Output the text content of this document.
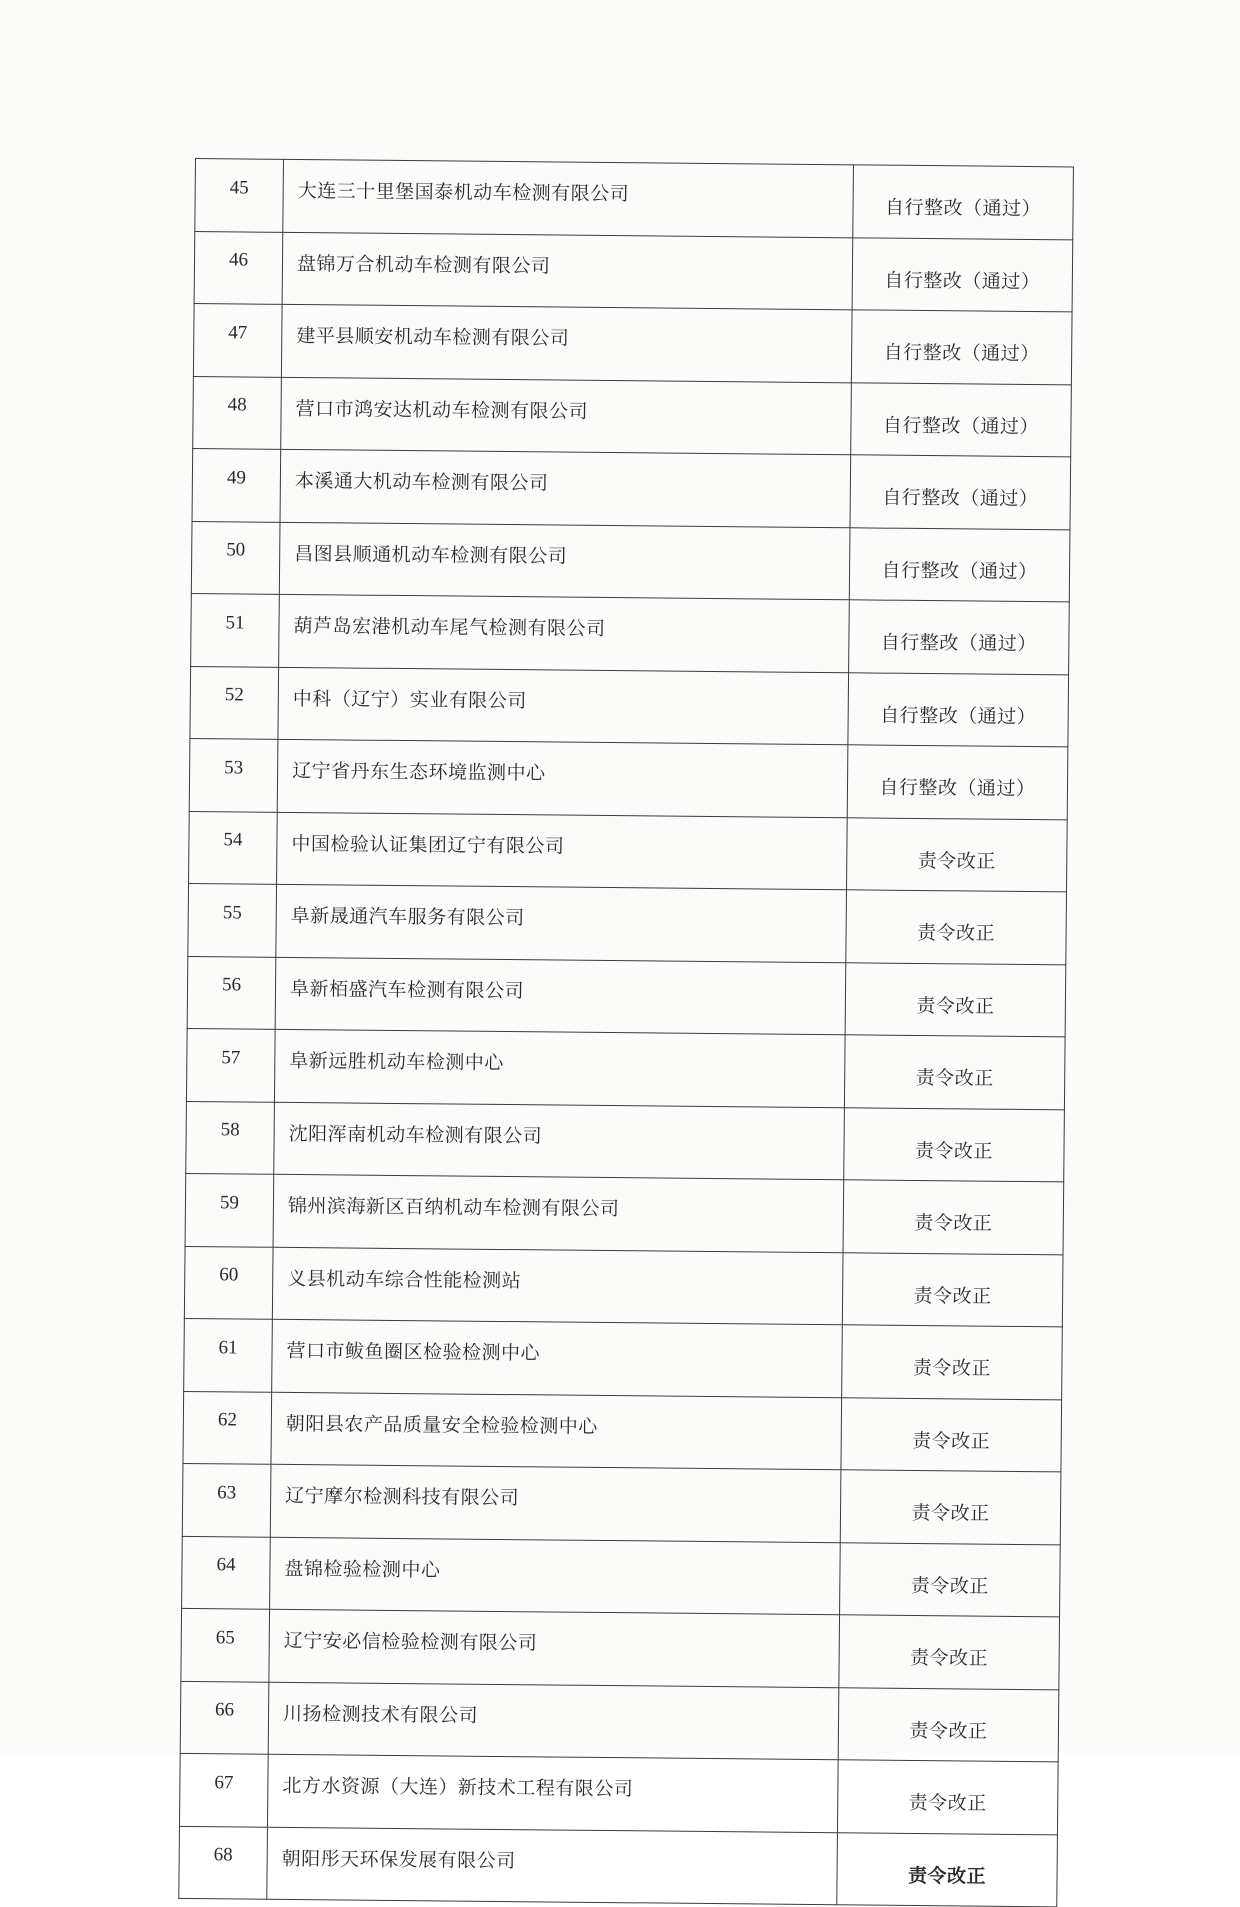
45	大连三十里堡国泰机动车检测有限公司	自行整改（通过）
46	盘锦万合机动车检测有限公司	自行整改（通过）
47	建平县顺安机动车检测有限公司	自行整改（通过）
48	营口市鸿安达机动车检测有限公司	自行整改（通过）
49	本溪通大机动车检测有限公司	自行整改（通过）
50	昌图县顺通机动车检测有限公司	自行整改（通过）
51	葫芦岛宏港机动车尾气检测有限公司	自行整改（通过）
52	中科（辽宁）实业有限公司	自行整改（通过）
53	辽宁省丹东生态环境监测中心	自行整改（通过）
54	中国检验认证集团辽宁有限公司	责令改正
55	阜新晟通汽车服务有限公司	责令改正
56	阜新栢盛汽车检测有限公司	责令改正
57	阜新远胜机动车检测中心	责令改正
58	沈阳浑南机动车检测有限公司	责令改正
59	锦州滨海新区百纳机动车检测有限公司	责令改正
60	义县机动车综合性能检测站	责令改正
61	营口市鲅鱼圈区检验检测中心	责令改正
62	朝阳县农产品质量安全检验检测中心	责令改正
63	辽宁摩尔检测科技有限公司	责令改正
64	盘锦检验检测中心	责令改正
65	辽宁安必信检验检测有限公司	责令改正
66	川扬检测技术有限公司	责令改正
67	北方水资源（大连）新技术工程有限公司	责令改正
68	朝阳彤天环保发展有限公司	责令改正
